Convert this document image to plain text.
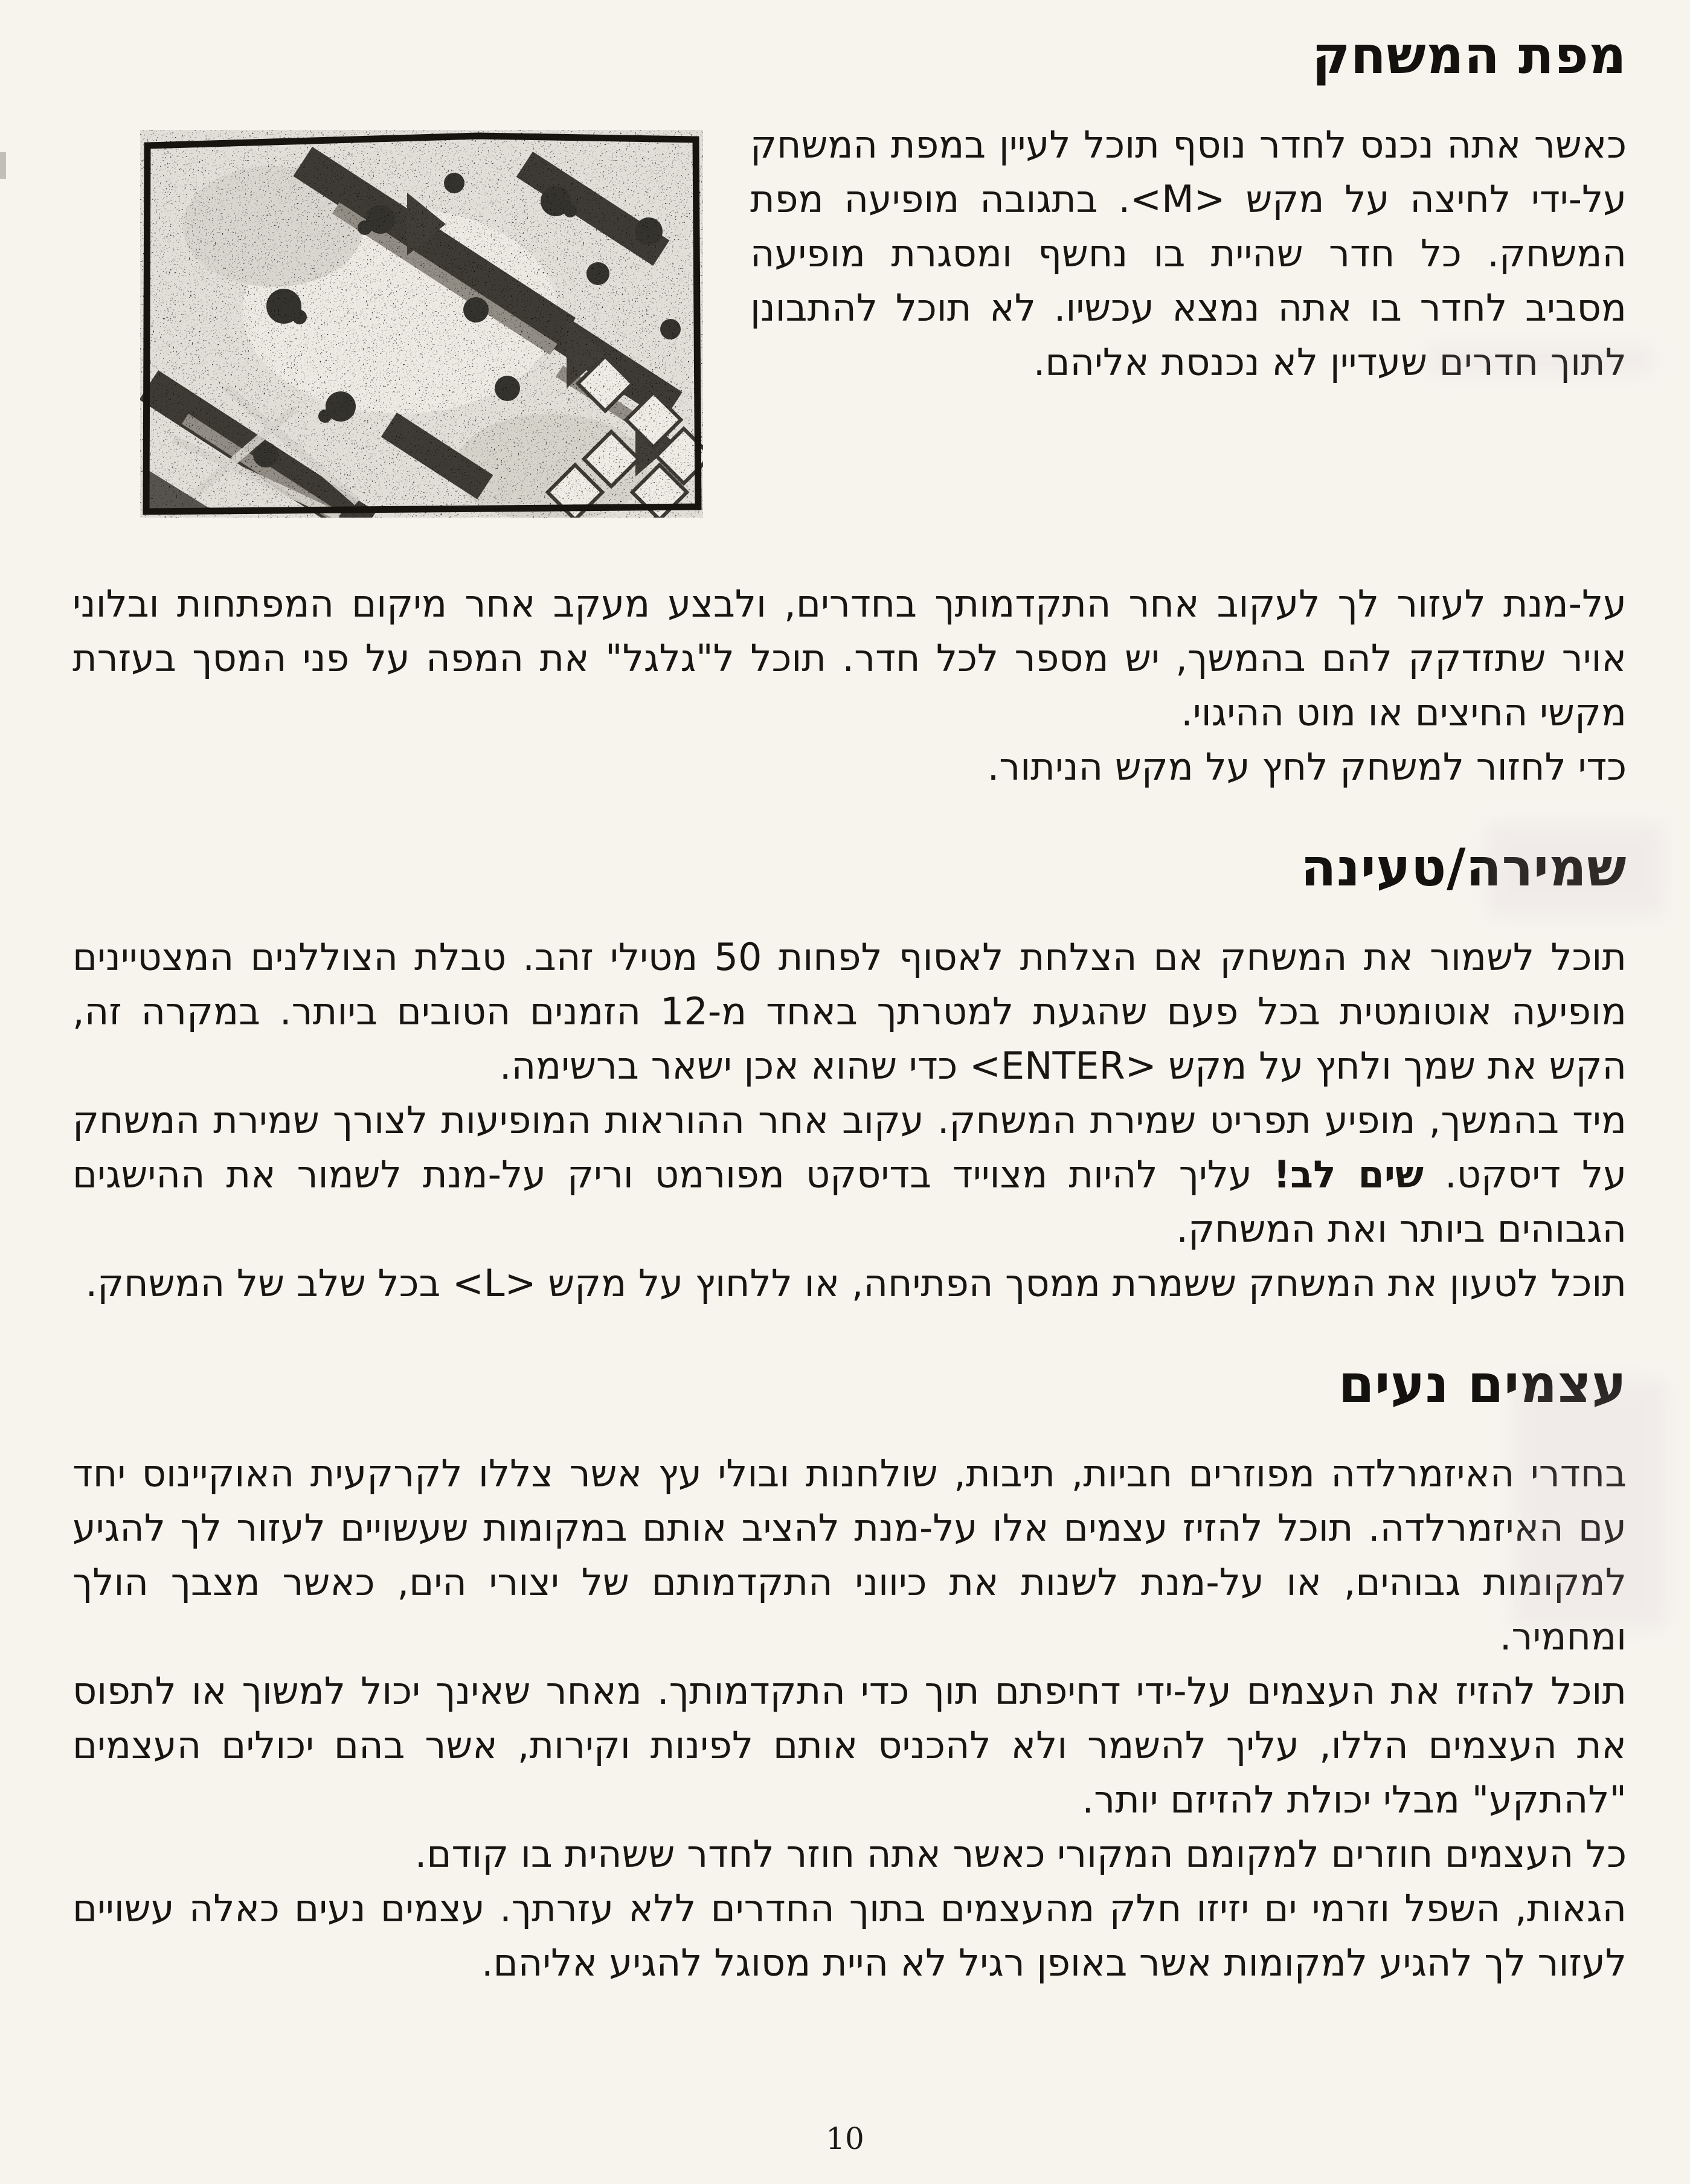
מפת המשחק

כאשר אתה נכנס לחדר נוסף תוכל לעיין במפת המשחק על-ידי לחיצה על מקש <M>. בתגובה מופיעה מפת המשחק. כל חדר שהיית בו נחשף ומסגרת מופיעה מסביב לחדר בו אתה נמצא עכשיו. לא תוכל להתבונן לתוך חדרים שעדיין לא נכנסת אליהם.

על-מנת לעזור לך לעקוב אחר התקדמותך בחדרים, ולבצע מעקב אחר מיקום המפתחות ובלוני אויר שתזדקק להם בהמשך, יש מספר לכל חדר. תוכל ל"גלגל" את המפה על פני המסך בעזרת מקשי החיצים או מוט ההיגוי.

כדי לחזור למשחק לחץ על מקש הניתור.

שמירה/טעינה

תוכל לשמור את המשחק אם הצלחת לאסוף לפחות 50 מטילי זהב. טבלת הצוללנים המצטיינים מופיעה אוטומטית בכל פעם שהגעת למטרתך באחד מ-12 הזמנים הטובים ביותר. במקרה זה, הקש את שמך ולחץ על מקש <ENTER> כדי שהוא אכן ישאר ברשימה.

מיד בהמשך, מופיע תפריט שמירת המשחק. עקוב אחר ההוראות המופיעות לצורך שמירת המשחק על דיסקט. שים לב! עליך להיות מצוייד בדיסקט מפורמט וריק על-מנת לשמור את ההישגים הגבוהים ביותר ואת המשחק.

תוכל לטעון את המשחק ששמרת ממסך הפתיחה, או ללחוץ על מקש <L> בכל שלב של המשחק.

עצמים נעים

בחדרי האיזמרלדה מפוזרים חביות, תיבות, שולחנות ובולי עץ אשר צללו לקרקעית האוקיינוס יחד עם האיזמרלדה. תוכל להזיז עצמים אלו על-מנת להציב אותם במקומות שעשויים לעזור לך להגיע למקומות גבוהים, או על-מנת לשנות את כיווני התקדמותם של יצורי הים, כאשר מצבך הולך ומחמיר.

תוכל להזיז את העצמים על-ידי דחיפתם תוך כדי התקדמותך. מאחר שאינך יכול למשוך או לתפוס את העצמים הללו, עליך להשמר ולא להכניס אותם לפינות וקירות, אשר בהם יכולים העצמים "להתקע" מבלי יכולת להזיזם יותר.

כל העצמים חוזרים למקומם המקורי כאשר אתה חוזר לחדר ששהית בו קודם.

הגאות, השפל וזרמי ים יזיזו חלק מהעצמים בתוך החדרים ללא עזרתך. עצמים נעים כאלה עשויים לעזור לך להגיע למקומות אשר באופן רגיל לא היית מסוגל להגיע אליהם.

10
